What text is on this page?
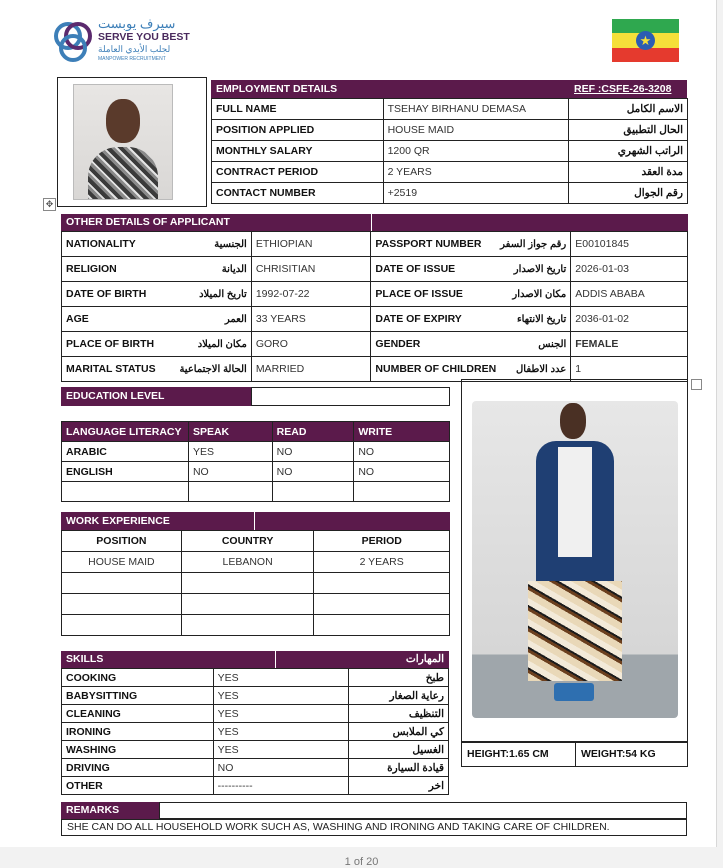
سيرف يوبست
SERVE YOU BEST
لجلب الأيدي العاملة
MANPOWER RECRUITMENT
★
✥
EMPLOYMENT DETAILS	REF :CSFE-26-3208
FULL NAME	TSEHAY BIRHANU DEMASA	الاسم الكامل
POSITION APPLIED	HOUSE MAID	الحال التطبيق
MONTHLY SALARY	1200 QR	الراتب الشهري
CONTRACT PERIOD	2 YEARS	مدة العقد
CONTACT NUMBER	+2519	رقم الجوال
OTHER DETAILS OF APPLICANT
NATIONALITY الجنسية	ETHIOPIAN	PASSPORT NUMBER رقم جواز السفر	E00101845

RELIGION الديانة	CHRISITIAN	DATE OF ISSUE تاريخ الاصدار	2026-01-03

DATE OF BIRTH تاريخ الميلاد	1992-07-22	PLACE OF ISSUE مكان الاصدار	ADDIS ABABA

AGE العمر	33 YEARS	DATE OF EXPIRY تاريخ الانتهاء	2036-01-02

PLACE OF BIRTH مكان الميلاد	GORO	GENDER الجنس	FEMALE

MARITAL STATUS الحالة الاجتماعية	MARRIED	NUMBER OF CHILDREN عدد الاطفال	1
EDUCATION LEVEL
LANGUAGE LITERACY	SPEAK	READ	WRITE
ARABIC	YES	NO	NO
ENGLISH	NO	NO	NO

WORK EXPERIENCE
POSITION	COUNTRY	PERIOD
HOUSE MAID	LEBANON	2 YEARS

SKILLS	المهارات
COOKING	YES	طبخ
BABYSITTING	YES	رعاية الصغار
CLEANING	YES	التنظيف
IRONING	YES	كي الملابس
WASHING	YES	الغسيل
DRIVING	NO	قيادة السيارة
OTHER	----------	اخر
HEIGHT:1.65 CM	WEIGHT:54 KG
REMARKS
SHE CAN DO ALL HOUSEHOLD WORK SUCH AS, WASHING AND IRONING AND TAKING CARE OF CHILDREN.
1 of 20
